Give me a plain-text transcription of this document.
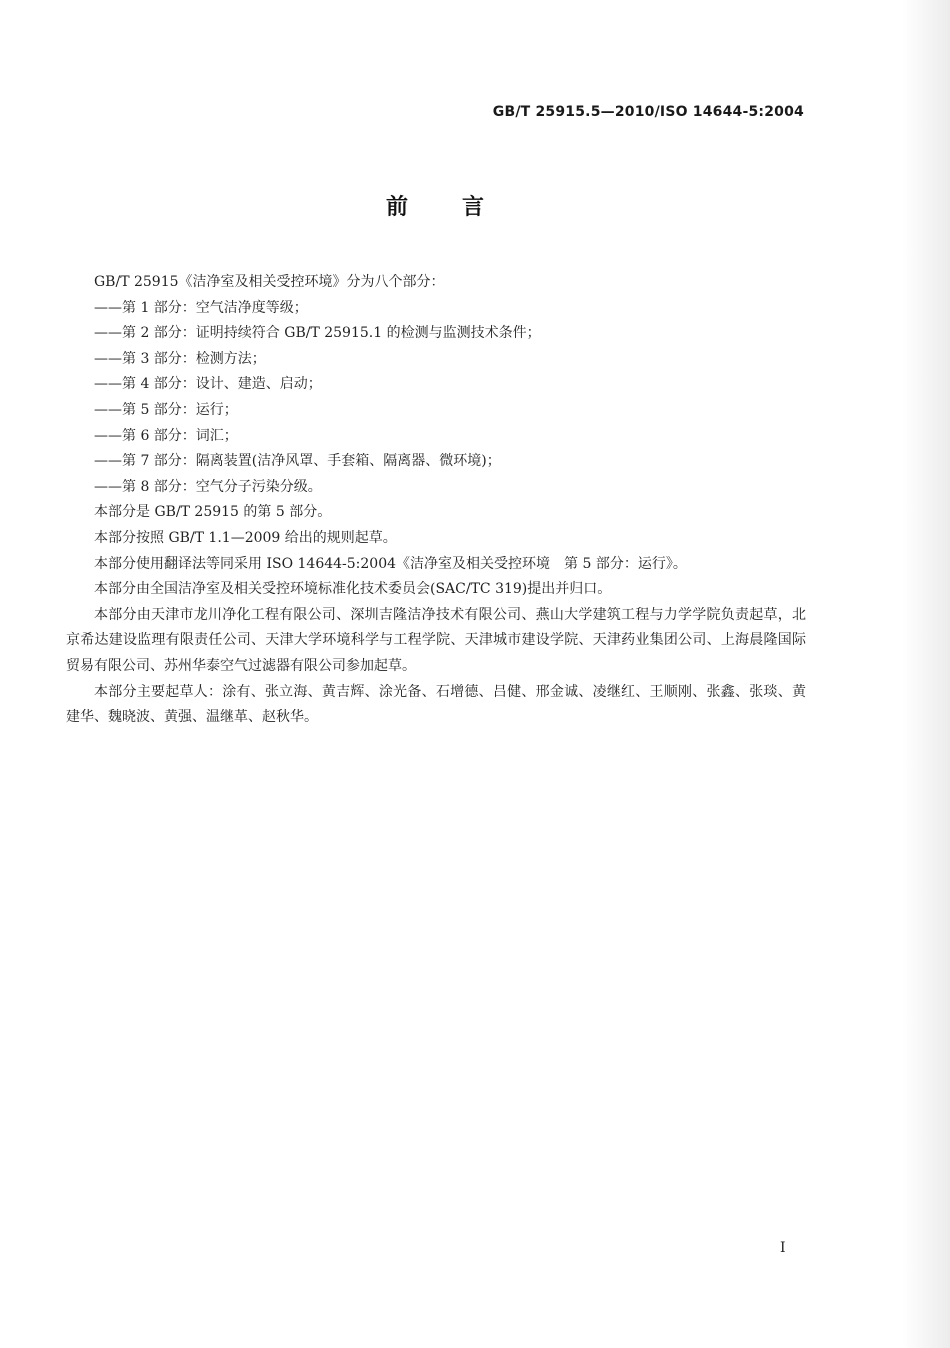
GB/T 25915.5—2010/ISO 14644-5:2004
前言

GB/T 25915《洁净室及相关受控环境》分为八个部分：

——第 1 部分：空气洁净度等级；

——第 2 部分：证明持续符合 GB/T 25915.1 的检测与监测技术条件；

——第 3 部分：检测方法；

——第 4 部分：设计、建造、启动；

——第 5 部分：运行；

——第 6 部分：词汇；

——第 7 部分：隔离装置(洁净风罩、手套箱、隔离器、微环境)；

——第 8 部分：空气分子污染分级。

本部分是 GB/T 25915 的第 5 部分。

本部分按照 GB/T 1.1—2009 给出的规则起草。

本部分使用翻译法等同采用 ISO 14644-5:2004《洁净室及相关受控环境　第 5 部分：运行》。

本部分由全国洁净室及相关受控环境标准化技术委员会(SAC/TC 319)提出并归口。

本部分由天津市龙川净化工程有限公司、深圳吉隆洁净技术有限公司、燕山大学建筑工程与力学学院负责起草，北京希达建设监理有限责任公司、天津大学环境科学与工程学院、天津城市建设学院、天津药业集团公司、上海晨隆国际贸易有限公司、苏州华泰空气过滤器有限公司参加起草。

本部分主要起草人：涂有、张立海、黄吉辉、涂光备、石增德、吕健、邢金诚、凌继红、王顺刚、张鑫、张琰、黄建华、魏晓波、黄强、温继革、赵秋华。

I
